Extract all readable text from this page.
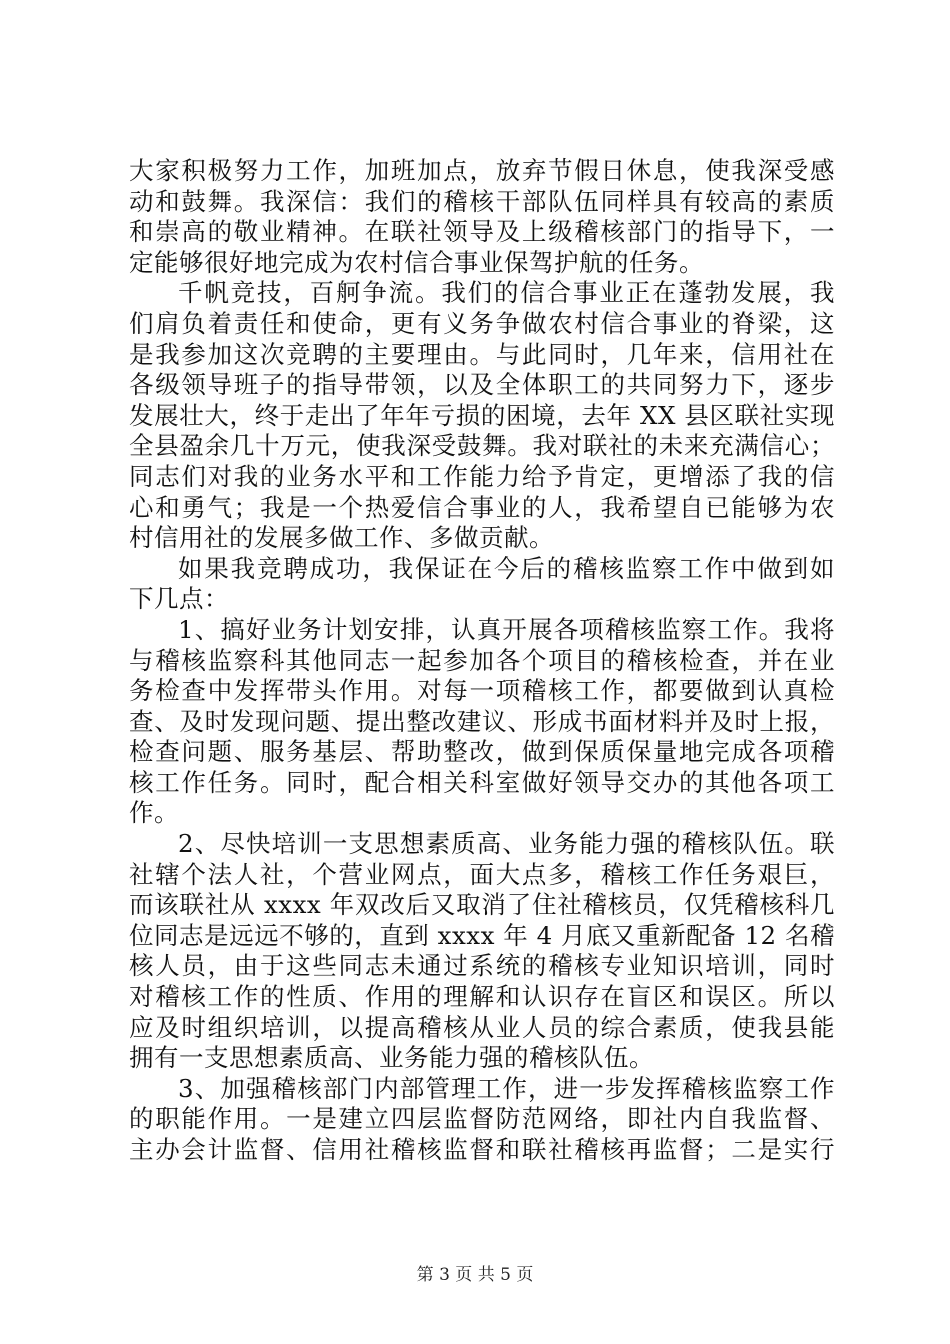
大家积极努力工作，加班加点，放弃节假日休息，使我深受感
动和鼓舞。我深信：我们的稽核干部队伍同样具有较高的素质
和崇高的敬业精神。在联社领导及上级稽核部门的指导下，一
定能够很好地完成为农村信合事业保驾护航的任务。
千帆竞技，百舸争流。我们的信合事业正在蓬勃发展，我
们肩负着责任和使命，更有义务争做农村信合事业的脊梁，这
是我参加这次竞聘的主要理由。与此同时，几年来，信用社在
各级领导班子的指导带领，以及全体职工的共同努力下，逐步
发展壮大，终于走出了年年亏损的困境，去年 XX 县区联社实现
全县盈余几十万元，使我深受鼓舞。我对联社的未来充满信心；
同志们对我的业务水平和工作能力给予肯定，更增添了我的信
心和勇气；我是一个热爱信合事业的人，我希望自已能够为农
村信用社的发展多做工作、多做贡献。
如果我竞聘成功，我保证在今后的稽核监察工作中做到如
下几点：
1、搞好业务计划安排，认真开展各项稽核监察工作。我将
与稽核监察科其他同志一起参加各个项目的稽核检查，并在业
务检查中发挥带头作用。对每一项稽核工作，都要做到认真检
查、及时发现问题、提出整改建议、形成书面材料并及时上报，
检查问题、服务基层、帮助整改，做到保质保量地完成各项稽
核工作任务。同时，配合相关科室做好领导交办的其他各项工
作。
2、尽快培训一支思想素质高、业务能力强的稽核队伍。联
社辖个法人社，个营业网点，面大点多，稽核工作任务艰巨，
而该联社从 xxxx 年双改后又取消了住社稽核员，仅凭稽核科几
位同志是远远不够的，直到 xxxx 年 4 月底又重新配备 12 名稽
核人员，由于这些同志未通过系统的稽核专业知识培训，同时
对稽核工作的性质、作用的理解和认识存在盲区和误区。所以
应及时组织培训，以提高稽核从业人员的综合素质，使我县能
拥有一支思想素质高、业务能力强的稽核队伍。
3、加强稽核部门内部管理工作，进一步发挥稽核监察工作
的职能作用。一是建立四层监督防范网络，即社内自我监督、
主办会计监督、信用社稽核监督和联社稽核再监督；二是实行
第 3 页 共 5 页
